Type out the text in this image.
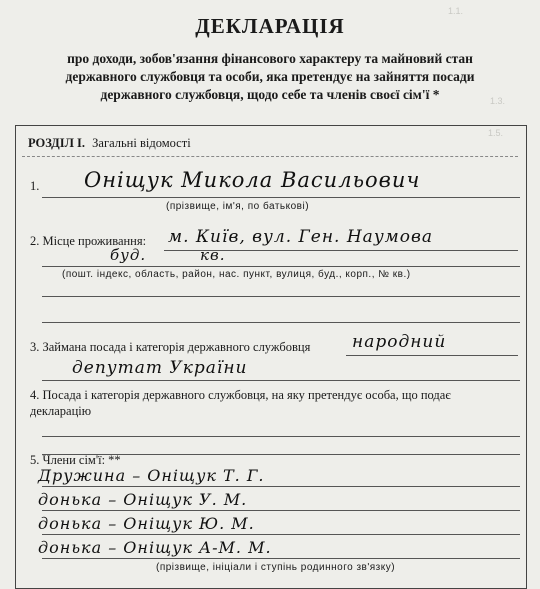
1.1.
1.3.
1.5.
ДЕКЛАРАЦІЯ
про доходи, зобов'язання фінансового характеру та майновий стан
державного службовця та особи, яка претендує на зайняття посади
державного службовця, щодо себе та членів своєї сім'ї *
РОЗДІЛ І. Загальні відомості
1. Оніщук Микола Васильович
(прізвище, ім'я, по батькові)
2. Місце проживання: м. Київ, вул. Ген. Наумова
буд.	кв.
(пошт. індекс, область, район, нас. пункт, вулиця, буд., корп., № кв.)
3. Займана посада і категорія державного службовця народний
депутат України
4. Посада і категорія державного службовця, на яку претендує особа, що подає
декларацію
5. Члени сім'ї: **
Дружина – Оніщук Т. Г.
донька – Оніщук У. М.
донька – Оніщук Ю. М.
донька – Оніщук А-М. М.
(прізвище, ініціали і ступінь родинного зв'язку)
